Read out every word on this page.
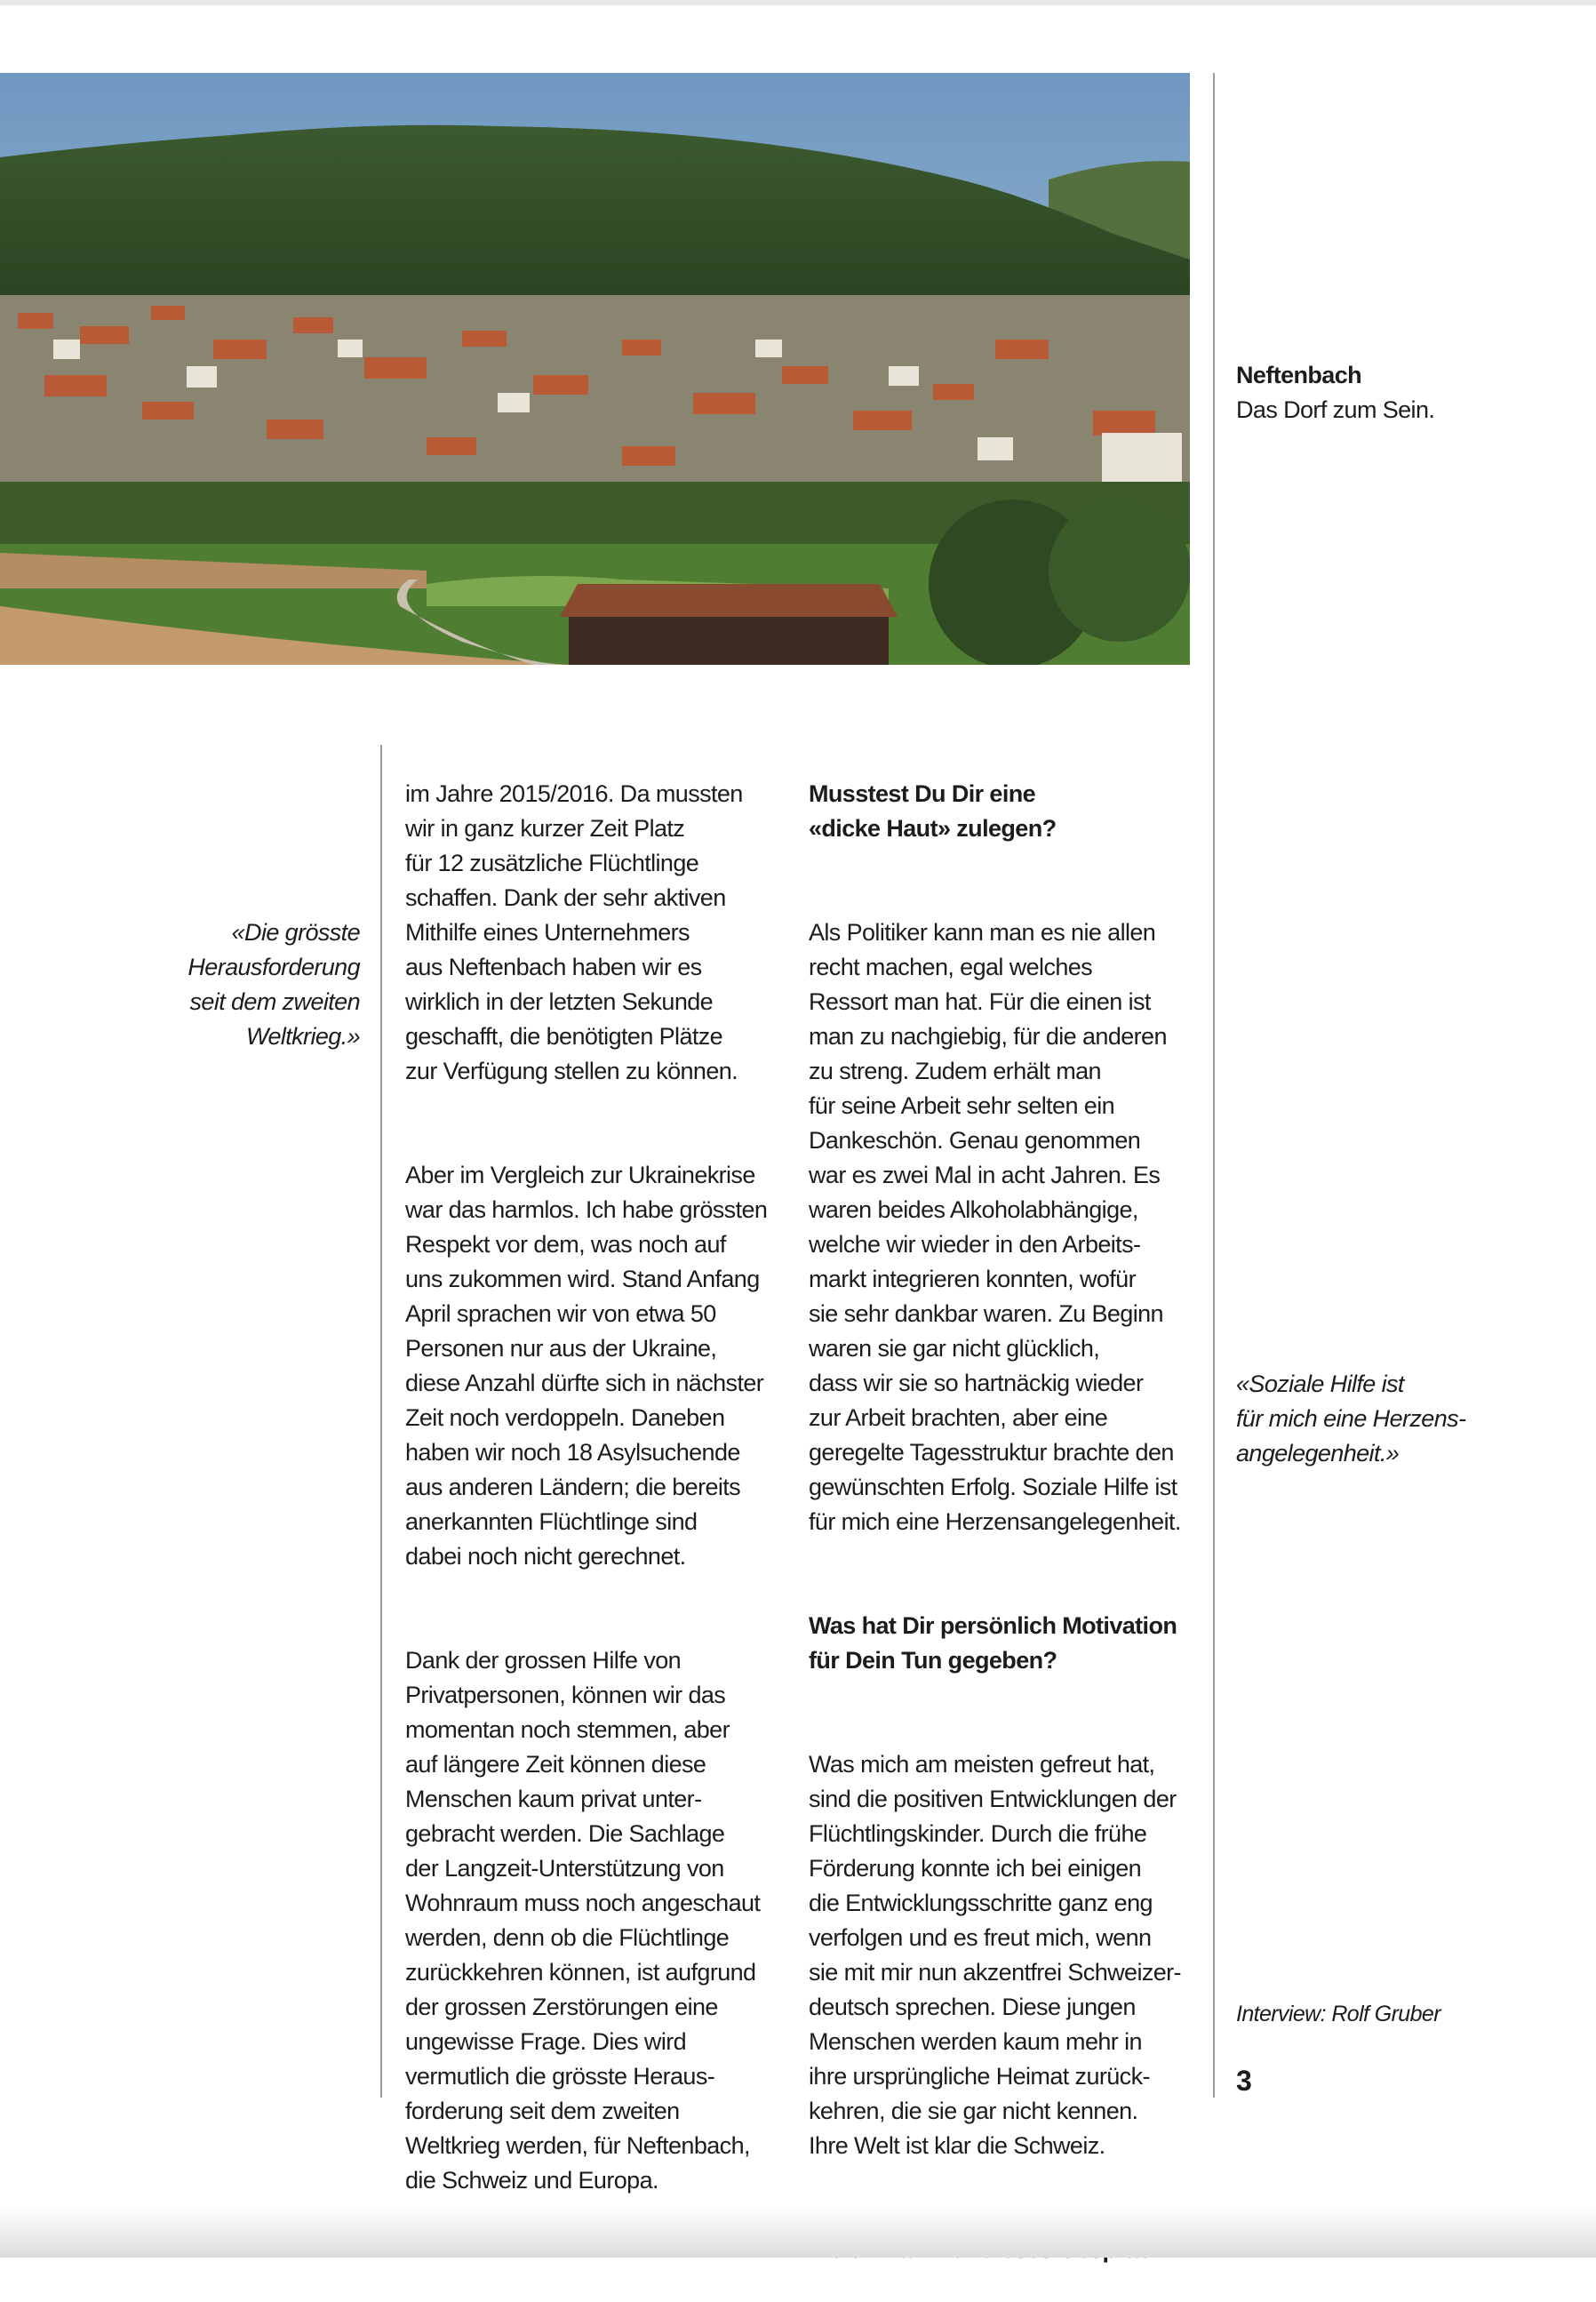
Neftenbach
Das Dorf zum Sein.
«Die grösste
Herausforderung
seit dem zweiten
Weltkrieg.»

im Jahre 2015/2016. Da mussten
wir in ganz kurzer Zeit Platz
für 12 zusätzliche Flüchtlinge
schaffen. Dank der sehr aktiven
Mithilfe eines Unternehmers
aus Neftenbach haben wir es
wirklich in der letzten Sekunde
geschafft, die benötigten Plätze
zur Verfügung stellen zu können.

Aber im Vergleich zur Ukrainekrise
war das harmlos. Ich habe grössten
Respekt vor dem, was noch auf
uns zukommen wird. Stand Anfang
April sprachen wir von etwa 50
Personen nur aus der Ukraine,
diese Anzahl dürfte sich in nächster
Zeit noch verdoppeln. Daneben
haben wir noch 18 Asylsuchende
aus anderen Ländern; die bereits
anerkannten Flüchtlinge sind
dabei noch nicht gerechnet.

Dank der grossen Hilfe von
Privatpersonen, können wir das
momentan noch stemmen, aber
auf längere Zeit können diese
Menschen kaum privat unter-
gebracht werden. Die Sachlage
der Langzeit-Unterstützung von
Wohnraum muss noch angeschaut
werden, denn ob die Flüchtlinge
zurückkehren können, ist aufgrund
der grossen Zerstörungen eine
ungewisse Frage. Dies wird
vermutlich die grösste Heraus-
forderung seit dem zweiten
Weltkrieg werden, für Neftenbach,
die Schweiz und Europa.

Musstest Du Dir eine
«dicke Haut» zulegen?

Als Politiker kann man es nie allen
recht machen, egal welches
Ressort man hat. Für die einen ist
man zu nachgiebig, für die anderen
zu streng. Zudem erhält man
für seine Arbeit sehr selten ein
Dankeschön. Genau genommen
war es zwei Mal in acht Jahren. Es
waren beides Alkoholabhängige,
welche wir wieder in den Arbeits-
markt integrieren konnten, wofür
sie sehr dankbar waren. Zu Beginn
waren sie gar nicht glücklich,
dass wir sie so hartnäckig wieder
zur Arbeit brachten, aber eine
geregelte Tagesstruktur brachte den
gewünschten Erfolg. Soziale Hilfe ist
für mich eine Herzensangelegenheit.

Was hat Dir persönlich Motivation
für Dein Tun gegeben?

Was mich am meisten gefreut hat,
sind die positiven Entwicklungen der
Flüchtlingskinder. Durch die frühe
Förderung konnte ich bei einigen
die Entwicklungsschritte ganz eng
verfolgen und es freut mich, wenn
sie mit mir nun akzentfrei Schweizer-
deutsch sprechen. Diese jungen
Menschen werden kaum mehr in
ihre ursprüngliche Heimat zurück-
kehren, die sie gar nicht kennen.
Ihre Welt ist klar die Schweiz.

«Soziale Hilfe ist
für mich eine Herzens-
angelegenheit.»
Interview: Rolf Gruber
3
